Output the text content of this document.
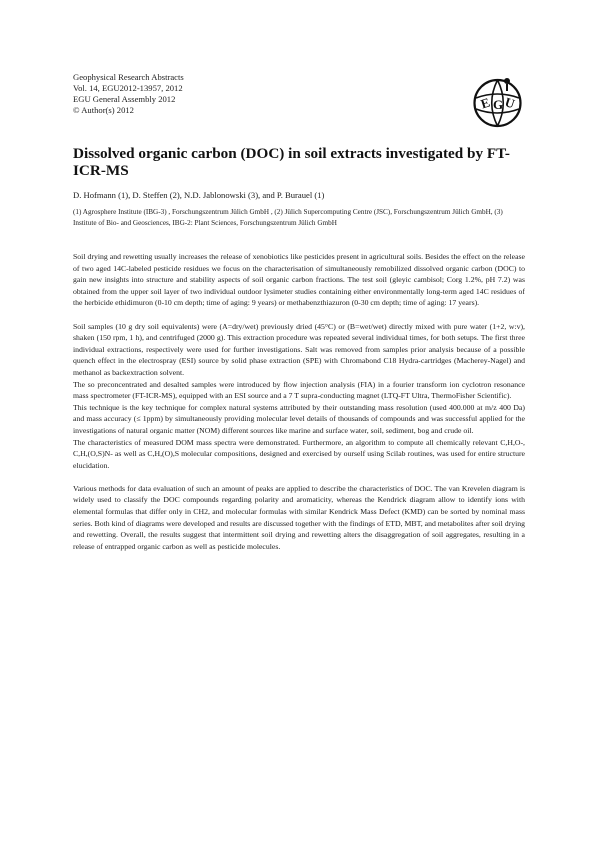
Geophysical Research Abstracts
Vol. 14, EGU2012-13957, 2012
EGU General Assembly 2012
© Author(s) 2012	E G U
Dissolved organic carbon (DOC) in soil extracts investigated by FT-ICR-MS
D. Hofmann (1), D. Steffen (2), N.D. Jablonowski (3), and P. Burauel (1)
(1) Agrosphere Institute (IBG-3) , Forschungszentrum Jülich GmbH , (2) Jülich Supercomputing Centre (JSC), Forschungszentrum Jülich GmbH, (3) Institute of Bio- and Geosciences, IBG-2: Plant Sciences, Forschungszentrum Jülich GmbH

Soil drying and rewetting usually increases the release of xenobiotics like pesticides present in agricultural soils. Besides the effect on the release of two aged 14C-labeled pesticide residues we focus on the characterisation of simultaneously remobilized dissolved organic carbon (DOC) to gain new insights into structure and stability aspects of soil organic carbon fractions. The test soil (gleyic cambisol; Corg 1.2%, pH 7.2) was obtained from the upper soil layer of two individual outdoor lysimeter studies containing either environmentally long-term aged 14C residues of the herbicide ethidimuron (0-10 cm depth; time of aging: 9 years) or methabenzthiazuron (0-30 cm depth; time of aging: 17 years).

Soil samples (10 g dry soil equivalents) were (A=dry/wet) previously dried (45°C) or (B=wet/wet) directly mixed with pure water (1+2, w:v), shaken (150 rpm, 1 h), and centrifuged (2000 g). This extraction procedure was repeated several individual times, for both setups. The first three individual extractions, respectively were used for further investigations. Salt was removed from samples prior analysis because of a possible quench effect in the electrospray (ESI) source by solid phase extraction (SPE) with Chromabond C18 Hydra-cartridges (Macherey-Nagel) and methanol as backextraction solvent.

The so preconcentrated and desalted samples were introduced by flow injection analysis (FIA) in a fourier transform ion cyclotron resonance mass spectrometer (FT-ICR-MS), equipped with an ESI source and a 7 T supra-conducting magnet (LTQ-FT Ultra, ThermoFisher Scientific).

This technique is the key technique for complex natural systems attributed by their outstanding mass resolution (used 400.000 at m/z 400 Da) and mass accuracy (≤ 1ppm) by simultaneously providing molecular level details of thousands of compounds and was successful applied for the investigations of natural organic matter (NOM) different sources like marine and surface water, soil, sediment, bog and crude oil.

The characteristics of measured DOM mass spectra were demonstrated. Furthermore, an algorithm to compute all chemically relevant C,H,O-, C,H,(O,S)N- as well as C,H,(O),S molecular compositions, designed and exercised by ourself using Scilab routines, was used for entire structure elucidation.

Various methods for data evaluation of such an amount of peaks are applied to describe the characteristics of DOC. The van Krevelen diagram is widely used to classify the DOC compounds regarding polarity and aromaticity, whereas the Kendrick diagram allow to identify ions with elemental formulas that differ only in CH2, and molecular formulas with similar Kendrick Mass Defect (KMD) can be sorted by nominal mass series. Both kind of diagrams were developed and results are discussed together with the findings of ETD, MBT, and metabolites after soil drying and rewetting. Overall, the results suggest that intermittent soil drying and rewetting alters the disaggregation of soil aggregates, resulting in a release of entrapped organic carbon as well as pesticide molecules.
